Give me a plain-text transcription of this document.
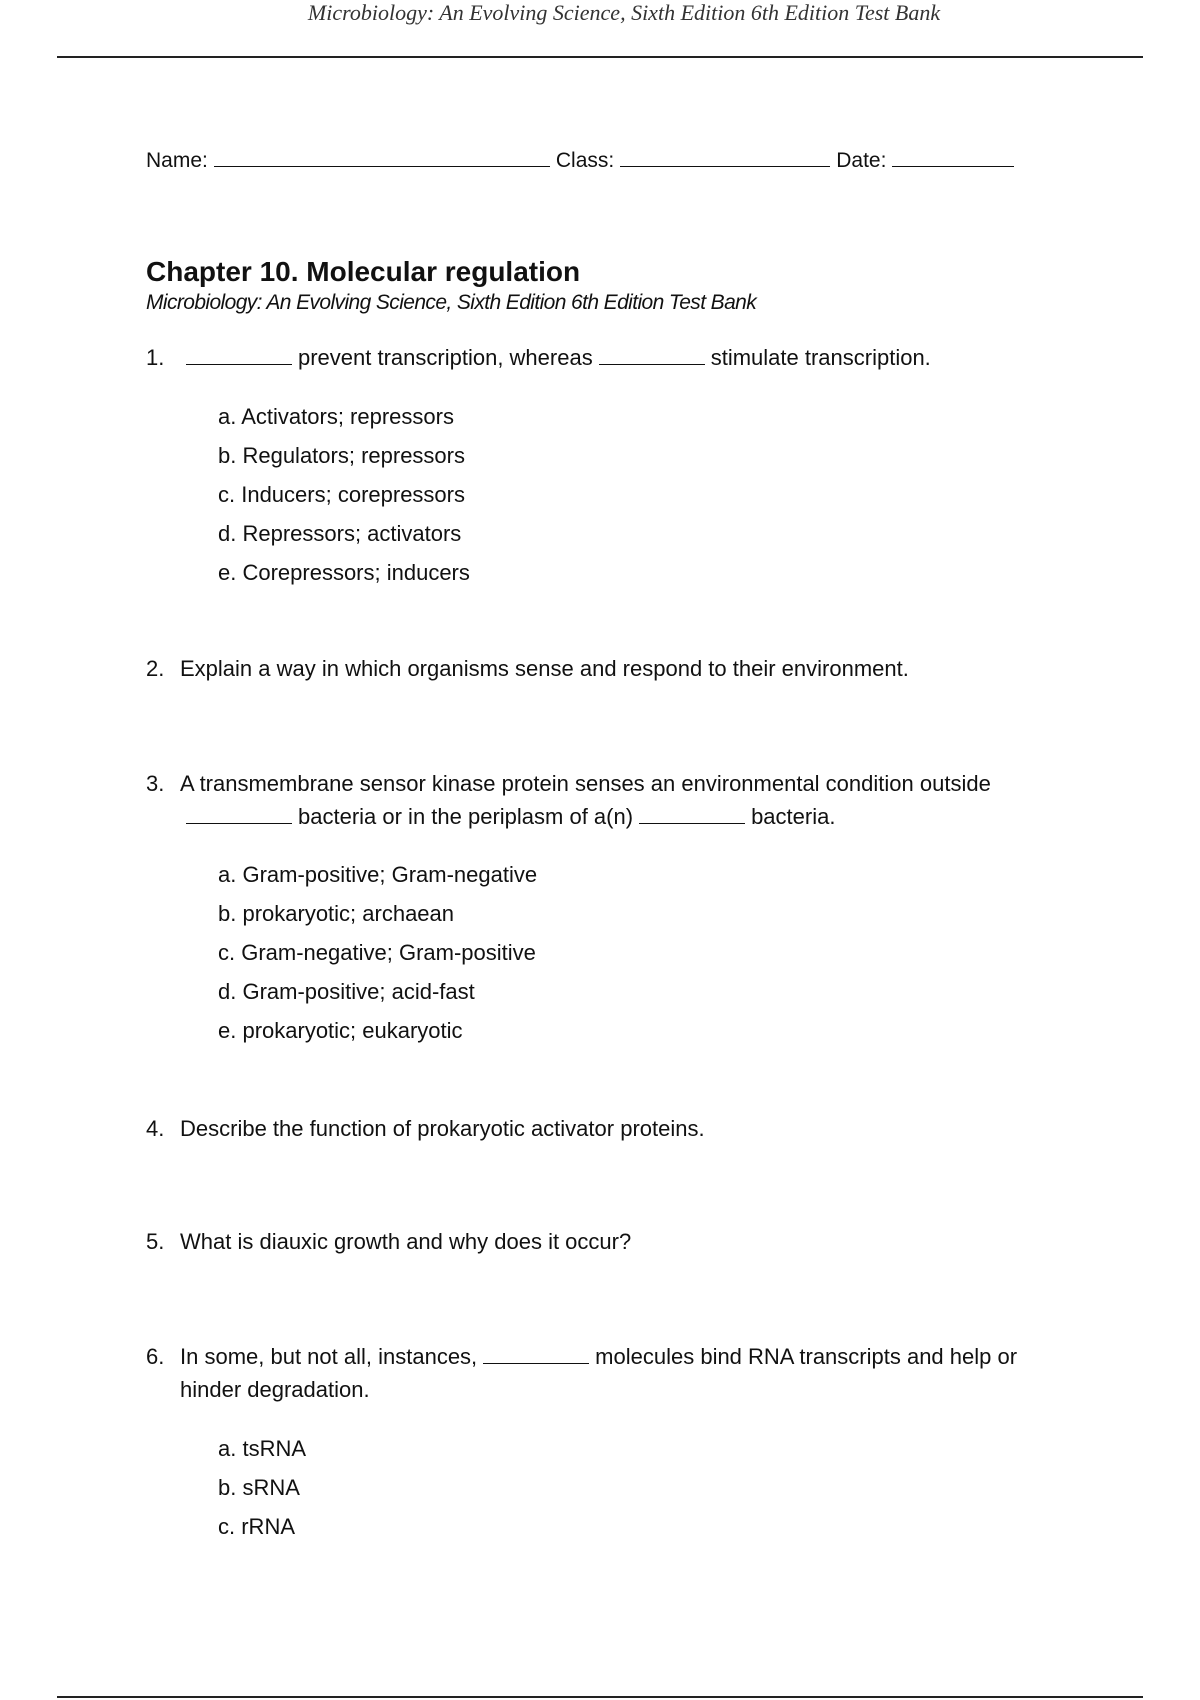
Microbiology: An Evolving Science, Sixth Edition 6th Edition Test Bank
Name:	Class:	Date:
Chapter 10. Molecular regulation
Microbiology: An Evolving Science, Sixth Edition 6th Edition Test Bank
1.	prevent transcription, whereas	stimulate transcription.
a. Activators; repressors
b. Regulators; repressors
c. Inducers; corepressors
d. Repressors; activators
e. Corepressors; inducers
2. Explain a way in which organisms sense and respond to their environment.
3. A transmembrane sensor kinase protein senses an environmental condition outsidebacteria or in the periplasm of a(n)	bacteria.
a. Gram-positive; Gram-negative
b. prokaryotic; archaean
c. Gram-negative; Gram-positive
d. Gram-positive; acid-fast
e. prokaryotic; eukaryotic
4. Describe the function of prokaryotic activator proteins.
5. What is diauxic growth and why does it occur?
6. In some, but not all, instances,	molecules bind RNA transcripts and help or hinder degradation.
a. tsRNA
b. sRNA
c. rRNA
